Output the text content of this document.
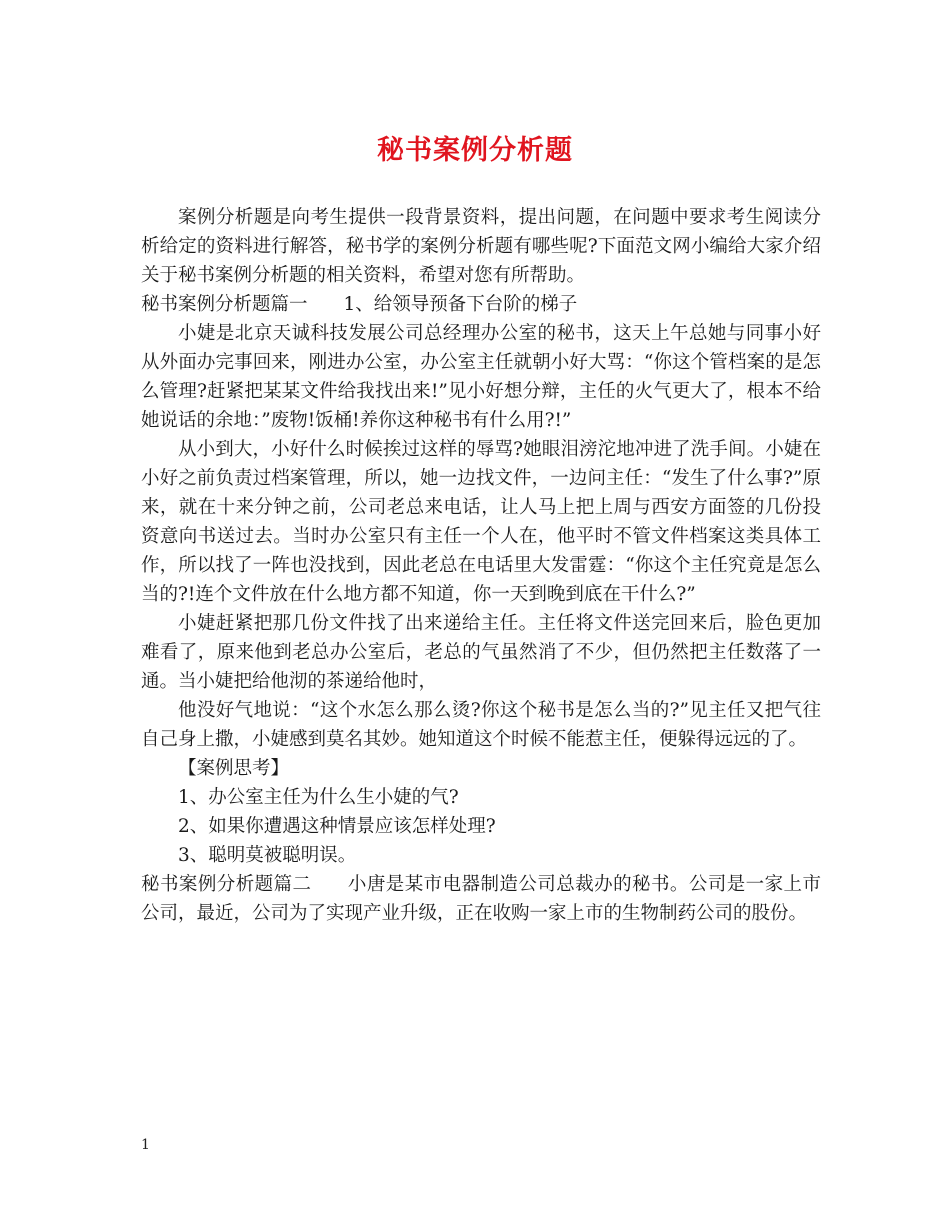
秘书案例分析题

案例分析题是向考生提供一段背景资料，提出问题，在问题中要求考生阅读分析给定的资料进行解答，秘书学的案例分析题有哪些呢?下面范文网小编给大家介绍关于秘书案例分析题的相关资料，希望对您有所帮助。

秘书案例分析题篇一 1、给领导预备下台阶的梯子

小婕是北京天诚科技发展公司总经理办公室的秘书，这天上午总她与同事小好从外面办完事回来，刚进办公室，办公室主任就朝小好大骂：“你这个管档案的是怎么管理?赶紧把某某文件给我找出来!”见小好想分辩，主任的火气更大了，根本不给她说话的余地：”废物!饭桶!养你这种秘书有什么用?!”

从小到大，小好什么时候挨过这样的辱骂?她眼泪滂沱地冲进了洗手间。小婕在小好之前负责过档案管理，所以，她一边找文件，一边问主任：“发生了什么事?”原来，就在十来分钟之前，公司老总来电话，让人马上把上周与西安方面签的几份投资意向书送过去。当时办公室只有主任一个人在，他平时不管文件档案这类具体工作，所以找了一阵也没找到，因此老总在电话里大发雷霆：“你这个主任究竟是怎么当的?!连个文件放在什么地方都不知道，你一天到晚到底在干什么?”

小婕赶紧把那几份文件找了出来递给主任。主任将文件送完回来后，脸色更加难看了，原来他到老总办公室后，老总的气虽然消了不少，但仍然把主任数落了一通。当小婕把给他沏的茶递给他时，

他没好气地说：“这个水怎么那么烫?你这个秘书是怎么当的?”见主任又把气往自己身上撒，小婕感到莫名其妙。她知道这个时候不能惹主任，便躲得远远的了。

【案例思考】

1、办公室主任为什么生小婕的气?

2、如果你遭遇这种情景应该怎样处理?

3、聪明莫被聪明误。

秘书案例分析题篇二 小唐是某市电器制造公司总裁办的秘书。公司是一家上市公司，最近，公司为了实现产业升级，正在收购一家上市的生物制药公司的股份。

1
